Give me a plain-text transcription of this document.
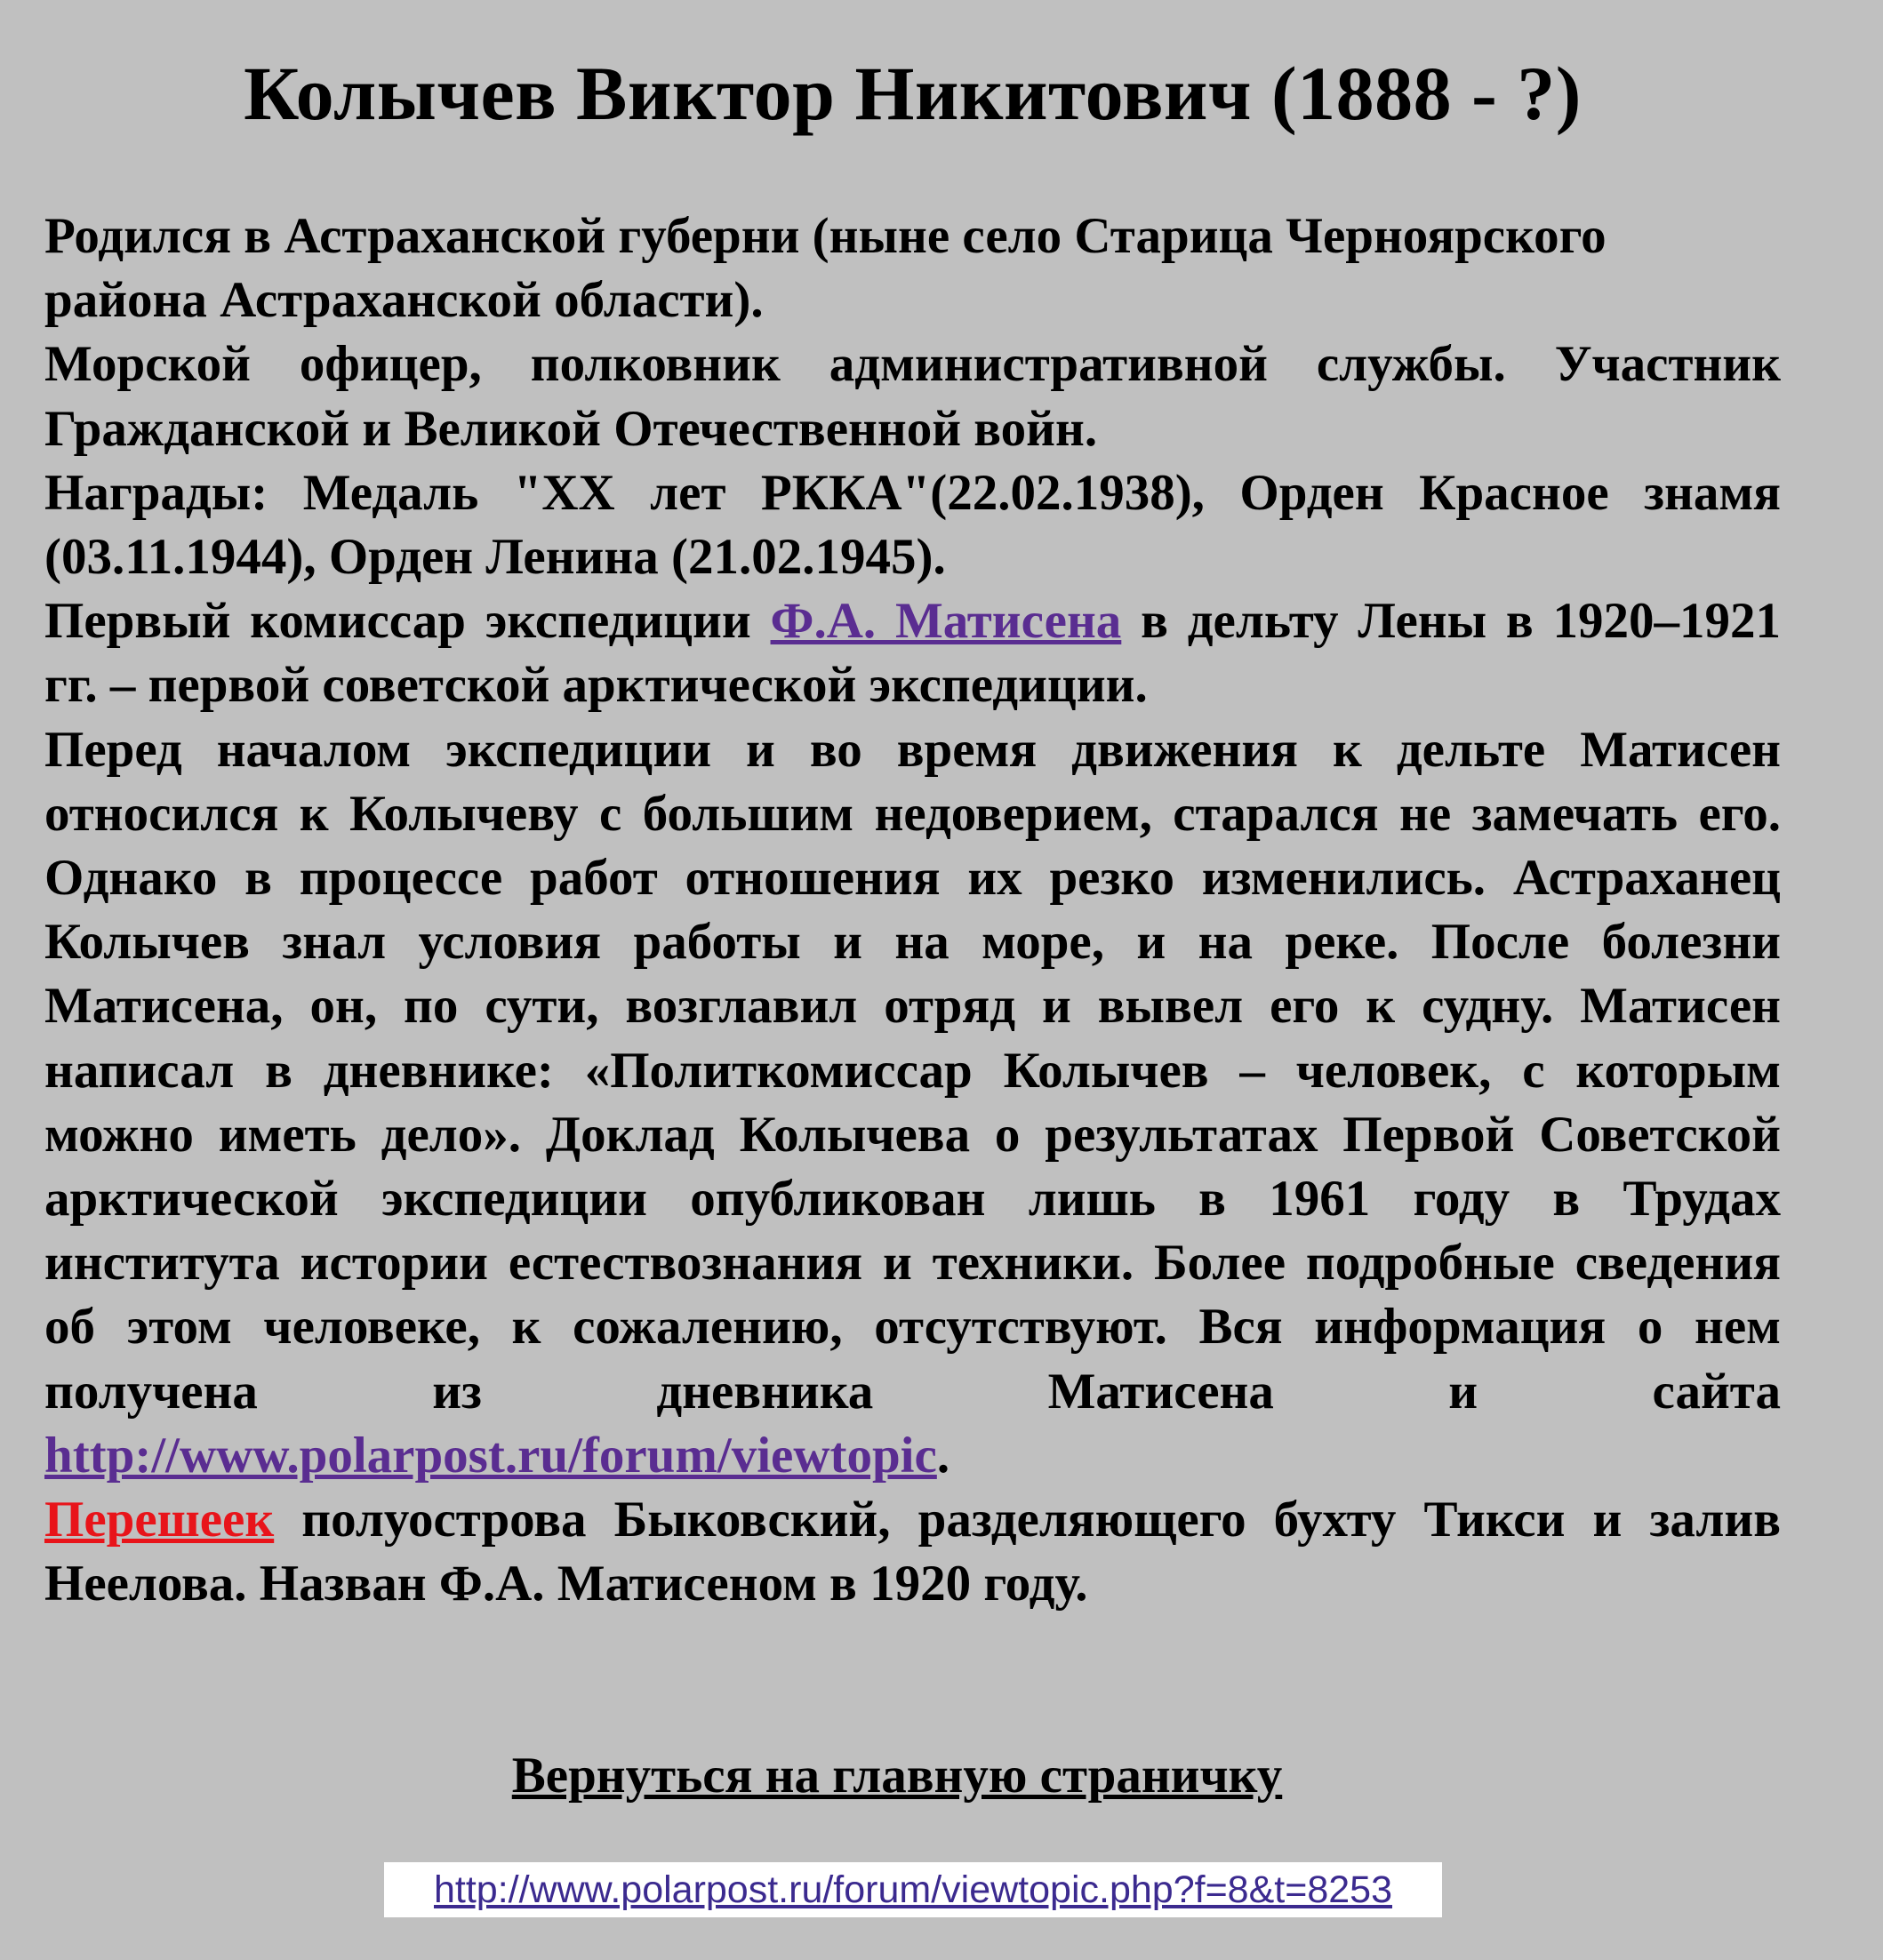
Колычев Виктор Никитович (1888 - ?)

Родился в Астраханской губерни (ныне село Старица Черноярского района Астраханской области).

Морской офицер, полковник административной службы. Участник Гражданской и Великой Отечественной войн.

Награды: Медаль "XX лет РККА"(22.02.1938), Орден Красное знамя (03.11.1944), Орден Ленина (21.02.1945).

Первый комиссар экспедиции Ф.А. Матисена в дельту Лены в 1920–1921 гг. – первой советской арктической экспедиции.

Перед началом экспедиции и во время движения к дельте Матисен относился к Колычеву с большим недоверием, старался не замечать его. Однако в процессе работ отношения их резко изменились. Астраханец Колычев знал условия работы и на море, и на реке. После болезни Матисена, он, по сути, возглавил отряд и вывел его к судну. Матисен написал в дневнике: «Политкомиссар Колычев – человек, с которым можно иметь дело». Доклад Колычева о результатах Первой Советской арктической экспедиции опубликован лишь в 1961 году в Трудах института истории естествознания и техники. Более подробные сведения об этом человеке, к сожалению, отсутствуют. Вся информация о нем получена из дневника Матисена и сайта http://www.polarpost.ru/forum/viewtopic.

Перешеек полуострова Быковский, разделяющего бухту Тикси и залив Неелова. Назван Ф.А. Матисеном в 1920 году.

Вернуться на главную страничку
http://www.polarpost.ru/forum/viewtopic.php?f=8&t=8253
